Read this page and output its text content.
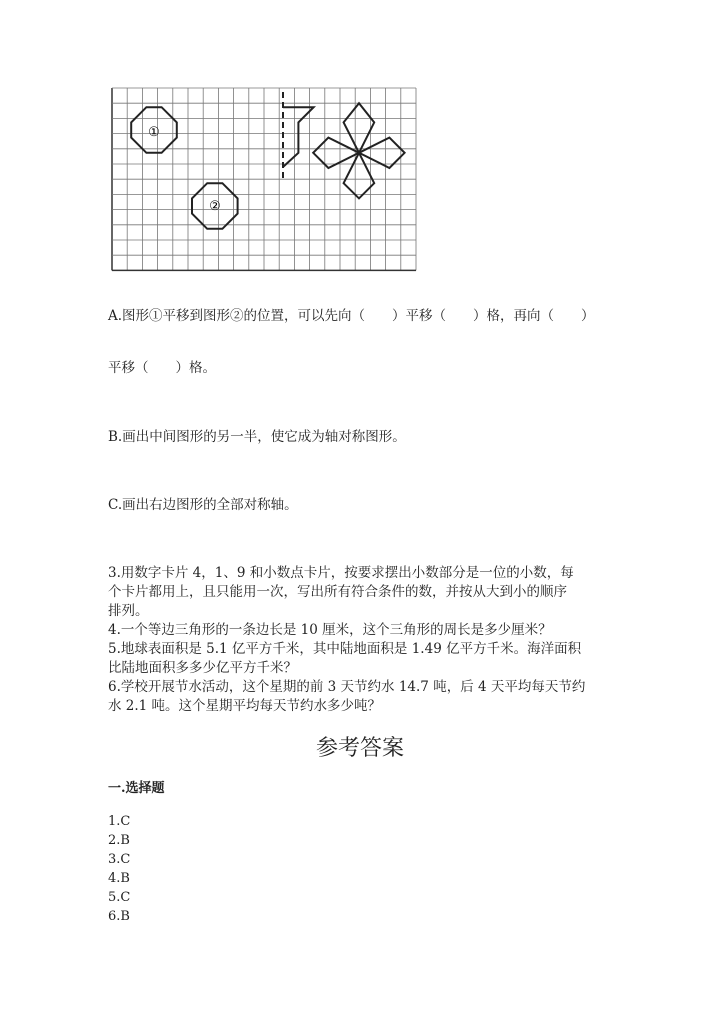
①
②
A.图形①平移到图形②的位置，可以先向（　　）平移（　　）格，再向（　　）
平移（　　）格。
B.画出中间图形的另一半，使它成为轴对称图形。
C.画出右边图形的全部对称轴。
3.用数字卡片 4，1、9 和小数点卡片，按要求摆出小数部分是一位的小数，每
个卡片都用上，且只能用一次，写出所有符合条件的数，并按从大到小的顺序
排列。
4.一个等边三角形的一条边长是 10 厘米，这个三角形的周长是多少厘米？
5.地球表面积是 5.1 亿平方千米，其中陆地面积是 1.49 亿平方千米。海洋面积
比陆地面积多多少亿平方千米？
6.学校开展节水活动，这个星期的前 3 天节约水 14.7 吨，后 4 天平均每天节约
水 2.1 吨。这个星期平均每天节约水多少吨？
参考答案
一.选择题
1.C
2.B
3.C
4.B
5.C
6.B
